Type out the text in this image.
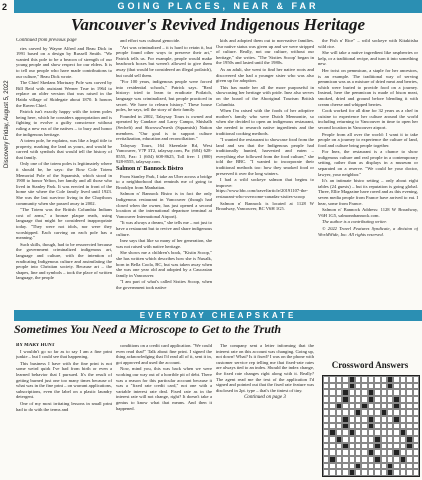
2
Discovery Friday, August 5, 2022
GOING PLACES, NEAR & FAR
Vancouver's Revived Indigenous Heritage
Continued from previous page

ries carved by Wayne Alfred and Beau Dick in 1991 based on a design by Russell Smith. "We wanted this pole to be a beacon of strength of our young people and show respect for our elders. It is to tell our people who have made contributions to our culture," Beau Dick wrote.

The Chief Skedans Mortuary Pole was carved by Bill Reid with assistant Werner True in 1964 to replace an older version that was raised in the Haida village of Skidegate about 1870. It honors the Raven Chief.

Patrick isn't exactly happy with the totem poles being here, which he considers appropriation and is fighting to evolve a guilty conscience without ruling a new era of the natives – to bury and honor the indigenous heritage.

A totem pole, he explains, was like a legal title to property, marking the land as yours, and would be carved with symbols that would tell the history of that family.

Only one of the totem poles is legitimately where it should be, he says: the Bow Cole Totem Memorial Pole of the Squamish, which stood in 1900 to honor Yelton, her family and all those who lived in Stanley Park. It was erected in front of the home site where the Cole family lived until 1923. She was the last survivor living in the Chaythoos community when she passed away in 2002.

"The Totem was the British Columbia Indians cost of arms," a bronze plaque reads, using language that might be considered inappropriate today. "They were not idols, nor were they worshipped. Each carving on each pole has a meaning."

Such skills, though, had to be resurrected because the government criminalized indigenous art, language and culture, with the intention of eradicating Indigenous culture and assimilating the people into Christian society. Because art – the shapes, line and symbols – took the place of written language, the people

and effort was cultural genocide.

"Art was criminalized – it is hard to retain it, but people found other ways to preserve their art," Patrick tells us. For example, people would make beadwork boxes but weren't allowed to give them away (that would be considered an illegal potlatch), but could sell them.

"For 100 years, indigenous people were forced into residential schools," Patrick says. "Real history: tried to learn to eradicate Potlatch, language was criminalized, but people practiced in secret. We have to relearn history." These house poles, he says, tell the story of their family.

Founded in 2002, Talaysay Tours is owned and operated by Candace and Larry Campo, Shishalh (Sechelt) and Skwxwu7mesh (Squamish) Nation members. "Our goal is to support culture revitalization, education and reconciliation."

Talaysay Tours, 164 Skeenlate Rd, West Vancouver, V7P 3T2, talaysay.com, Pa: (604) 628-8555, Fax: 1 (604) 608-8625, Toll free: 1 (800) 928-8555, talaysay.com.

Salmon n' Bannock Bistro

From Stanley Park, I take an Uber across a bridge to a neighborhood that reminds me of going to Brooklyn from Manhattan.

Salmon n' Bannock Bistro is in fact the only Indigenous restaurant in Vancouver (though had closed when the owner, has just opened a second location at the international departure terminal at Vancouver International Airport).

"It was always a dream," she tells me – not just to have a restaurant but to revive and share indigenous culture.

Inez says that like so many of her generation, she was not raised with native heritage.

She shows me a children's book, "Kistin Scoop," she has written which describes how she is Nuxalk, born in Bella Coola, BC, but was taken away when she was one year old and adopted by a Caucasian family in Vancouver.

"I am part of what's called Sixties Scoop, when the government took native

kids and adopted them out to non-native families. Our native status was given up and we were stripped of culture. Really, not our culture, without our heritage," she writes. "The 'Sixties Scoop' began in the 1950s and lasted until the 1980s.

As an adult, she went to find her native roots and discovered she had a younger sister who was also given up for adoption.

This has made her all the more purposeful in showcasing her heritage with pride. Inez also serves on the board of the Aboriginal Tourism British Columbia.

When I'm raised with the foods of her adoptive mother's family who were Dutch Mennonite, so when she decided to open an indigenous restaurant, she needed to research native ingredients and the traditional cooking methods.

"I wanted the restaurant to showcase food from the land and sea that the Indigenous people had traditionally hunted, harvested and eaten – everything else followed from the food culture," she told the BBC. "I wanted to incorporate their traditional methods too: how they smoked food or preserved it over the long winters.

I had a wild sockeye salmon that begins to improve: https://www.bbc.com/travel/article/20191107-the-restaurant-who-overcome-canadas-sixties-scoop

Salmon n' Bannock is located at 1128 W Broadway, Vancouver, BC V6H 1G5.

the Fish n' Rice" – wild sockeye with Kitakitsha wild rice.

She will take a native ingredient like raspberries or kelp, or a traditional recipe, and turn it into something new.

Her twist on pemmican, a staple for her ancestors, is an example. The traditional way of serving pemmican was as a mixture of dried meat and berries, which were buried to provide food on a journey. Instead, here the pemmican is made of bison meat, smoked, dried and ground before blending it with cream cheese and whipped berries.

Cook worked for all dine for 32 years as a chef in cuisine to experience her culture around the world including returning to Vancouver in time to open her second location in Vancouver airport.

People from all over the world: I want it to take people on a journey to experience the culture of land, food and culture bring people together.

For Inez, the restaurant is a chance to show indigenous culture and real people in a contemporary setting, rather than as displays in a museum or separated on a reserve. "We could be your doctor, lawyer, your neighbor."

It's an intimate bistro setting – only about eight tables (24 guests) – but its reputation is going global. Three, Ellie Magazine have raved and as this evening, seven media people from France have arrived to eat. I hear, some from France.

Salmon n' Bannock Address: 1128 W Broadway, V6H 1G5, salmonnbannock.com.

The author is a contributing writer.

© 2022 Travel Features Syndicate, a division of WorldWide, Inc. All rights reserved.

EVERYDAY CHEAPSKATE
Sometimes You Need a Microscope to Get to the Truth
BY MARY HUNT

I wouldn't go so far as to say I am a fine print junkie – but I could see that happening.

This business I have with the fine print is not some weird quirk I've had from birth or even a learned behavior that I pursued. It's the result of getting burned just one too many times because of what was in the fine print – on warrant applications, subscriptions, even the label on a plastic laundry detergent.

One of my most irritating lessons in small print had to do with the terms and

conditions on a credit card application. "We could even read that!" Talk about fine print. I signed the thing acknowledging that I'd read all of it, sent it in, got approved and used the account.

Now, mind you, this was back when we were working our way out of a horrible pit of debt. There was a reason for this particular account because it was a "fixed rate credit card," not one with a variable interest rate deal. Fixed rate as in the interest rate will not change, right? It doesn't take a genius to know what that means. And then it happened.

The company sent a letter informing that the interest rate on this account was changing. Going up, not down! What? Is it fixed? I was on the phone with customer service rep telling me that fixed-rate rates are always tied to an index. Should the index change, the fixed rate changes right along with it. Really? The agent read me the text of the application I'd signed and pointed out that the fixed rate feature was disclosed in 2pt. type – that's the tiniest of tiny.

Continued on page 3
Crossword Answers
